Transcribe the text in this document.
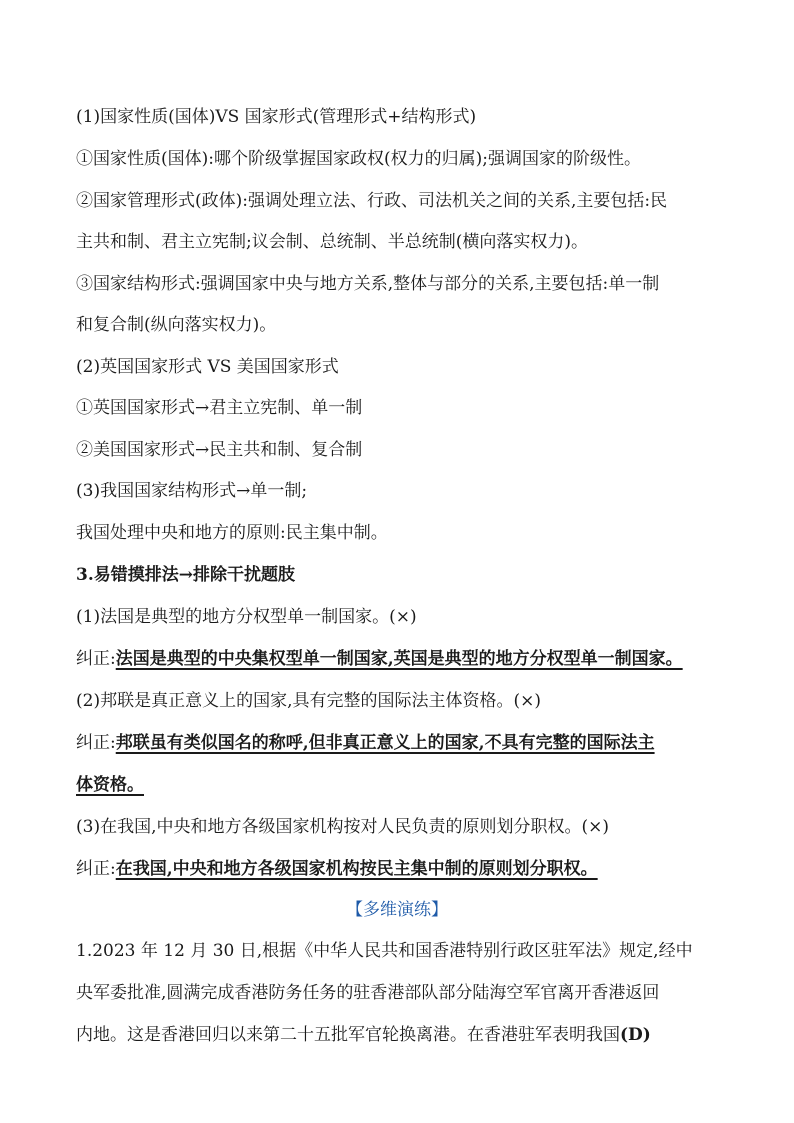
(1)国家性质(国体)VS 国家形式(管理形式+结构形式)
①国家性质(国体):哪个阶级掌握国家政权(权力的归属);强调国家的阶级性。
②国家管理形式(政体):强调处理立法、行政、司法机关之间的关系,主要包括:民
主共和制、君主立宪制;议会制、总统制、半总统制(横向落实权力)。
③国家结构形式:强调国家中央与地方关系,整体与部分的关系,主要包括:单一制
和复合制(纵向落实权力)。
(2)英国国家形式 VS 美国国家形式
①英国国家形式→君主立宪制、单一制
②美国国家形式→民主共和制、复合制
(3)我国国家结构形式→单一制;
我国处理中央和地方的原则:民主集中制。
3.易错摸排法→排除干扰题肢
(1)法国是典型的地方分权型单一制国家。(×)
纠正:法国是典型的中央集权型单一制国家,英国是典型的地方分权型单一制国家。
(2)邦联是真正意义上的国家,具有完整的国际法主体资格。(×)
纠正:邦联虽有类似国名的称呼,但非真正意义上的国家,不具有完整的国际法主
体资格。
(3)在我国,中央和地方各级国家机构按对人民负责的原则划分职权。(×)
纠正:在我国,中央和地方各级国家机构按民主集中制的原则划分职权。
【多维演练】
1.2023 年 12 月 30 日,根据《中华人民共和国香港特别行政区驻军法》规定,经中
央军委批准,圆满完成香港防务任务的驻香港部队部分陆海空军官离开香港返回
内地。这是香港回归以来第二十五批军官轮换离港。在香港驻军表明我国(D)
